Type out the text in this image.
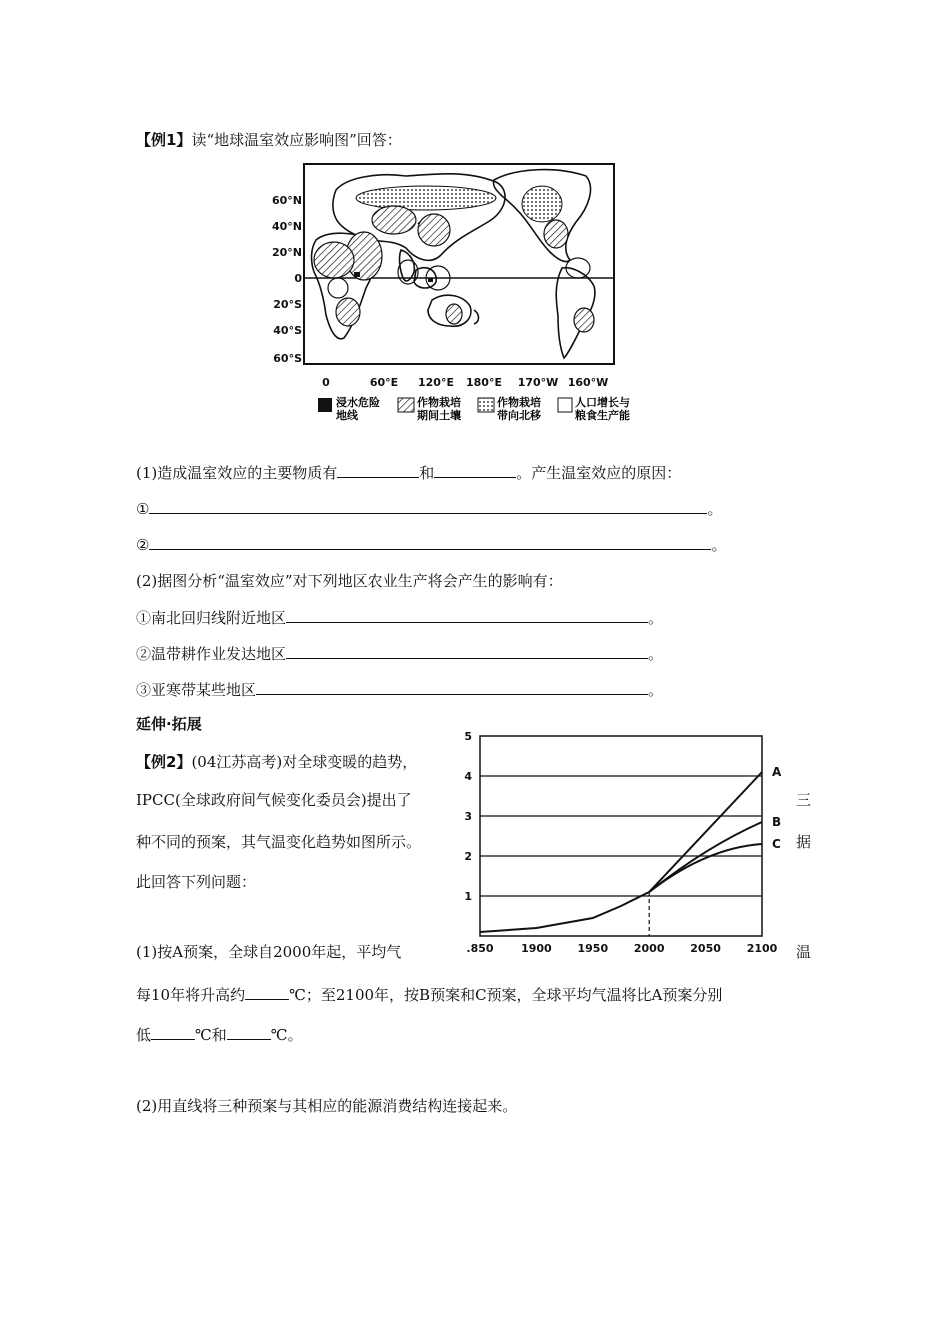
【例1】读“地球温室效应影响图”回答：
60°N
40°N
20°N
0
20°S
40°S
60°S
0	60°E 120°E 180°E 170°W 160°W
浸水危险
地线
作物栽培
期间土壤
作物栽培
带向北移
人口增长与
粮食生产能
(1)造成温室效应的主要物质有	和	。产生温室效应的原因：
①	。
②	。
(2)据图分析“温室效应”对下列地区农业生产将会产生的影响有：
①南北回归线附近地区	。
②温带耕作业发达地区	。
③亚寒带某些地区	。
延伸·拓展
【例2】(04江苏高考)对全球变暖的趋势，
IPCC(全球政府间气候变化委员会)提出了	三
种不同的预案，其气温变化趋势如图所示。	据
此回答下列问题：
1
2
3
4
5
.850	1900 1950 2000 2050 2100
A
B
C
(1)按A预案，全球自2000年起，平均气	温
每10年将升高约	℃；至2100年，按B预案和C预案，全球平均气温将比A预案分别
低	℃和	℃。
(2)用直线将三种预案与其相应的能源消费结构连接起来。
